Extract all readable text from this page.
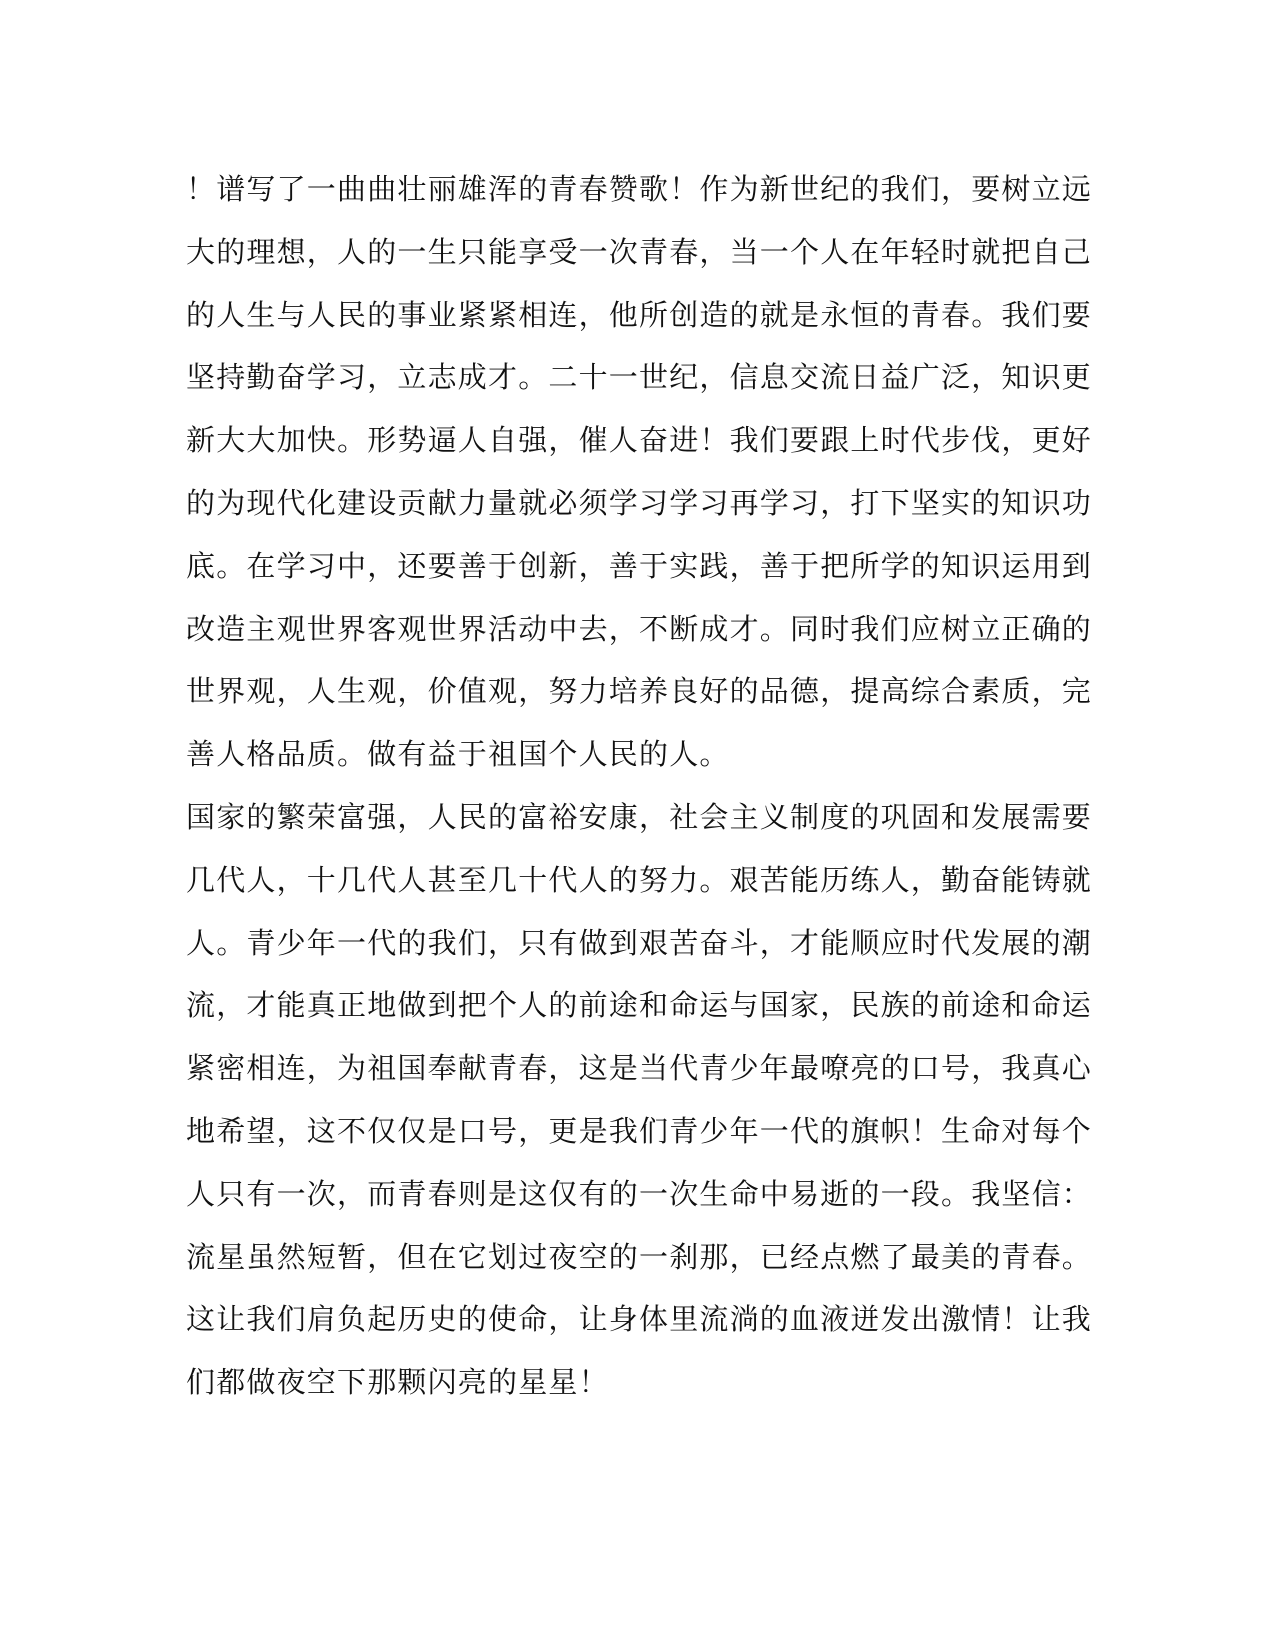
！谱写了一曲曲壮丽雄浑的青春赞歌！作为新世纪的我们，要树立远
大的理想，人的一生只能享受一次青春，当一个人在年轻时就把自己
的人生与人民的事业紧紧相连，他所创造的就是永恒的青春。我们要
坚持勤奋学习，立志成才。二十一世纪，信息交流日益广泛，知识更
新大大加快。形势逼人自强，催人奋进！我们要跟上时代步伐，更好
的为现代化建设贡献力量就必须学习学习再学习，打下坚实的知识功
底。在学习中，还要善于创新，善于实践，善于把所学的知识运用到
改造主观世界客观世界活动中去，不断成才。同时我们应树立正确的
世界观，人生观，价值观，努力培养良好的品德，提高综合素质，完
善人格品质。做有益于祖国个人民的人。
国家的繁荣富强，人民的富裕安康，社会主义制度的巩固和发展需要
几代人，十几代人甚至几十代人的努力。艰苦能历练人，勤奋能铸就
人。青少年一代的我们，只有做到艰苦奋斗，才能顺应时代发展的潮
流，才能真正地做到把个人的前途和命运与国家，民族的前途和命运
紧密相连，为祖国奉献青春，这是当代青少年最嘹亮的口号，我真心
地希望，这不仅仅是口号，更是我们青少年一代的旗帜！生命对每个
人只有一次，而青春则是这仅有的一次生命中易逝的一段。我坚信：
流星虽然短暂，但在它划过夜空的一刹那，已经点燃了最美的青春。
这让我们肩负起历史的使命，让身体里流淌的血液迸发出激情！让我
们都做夜空下那颗闪亮的星星！
